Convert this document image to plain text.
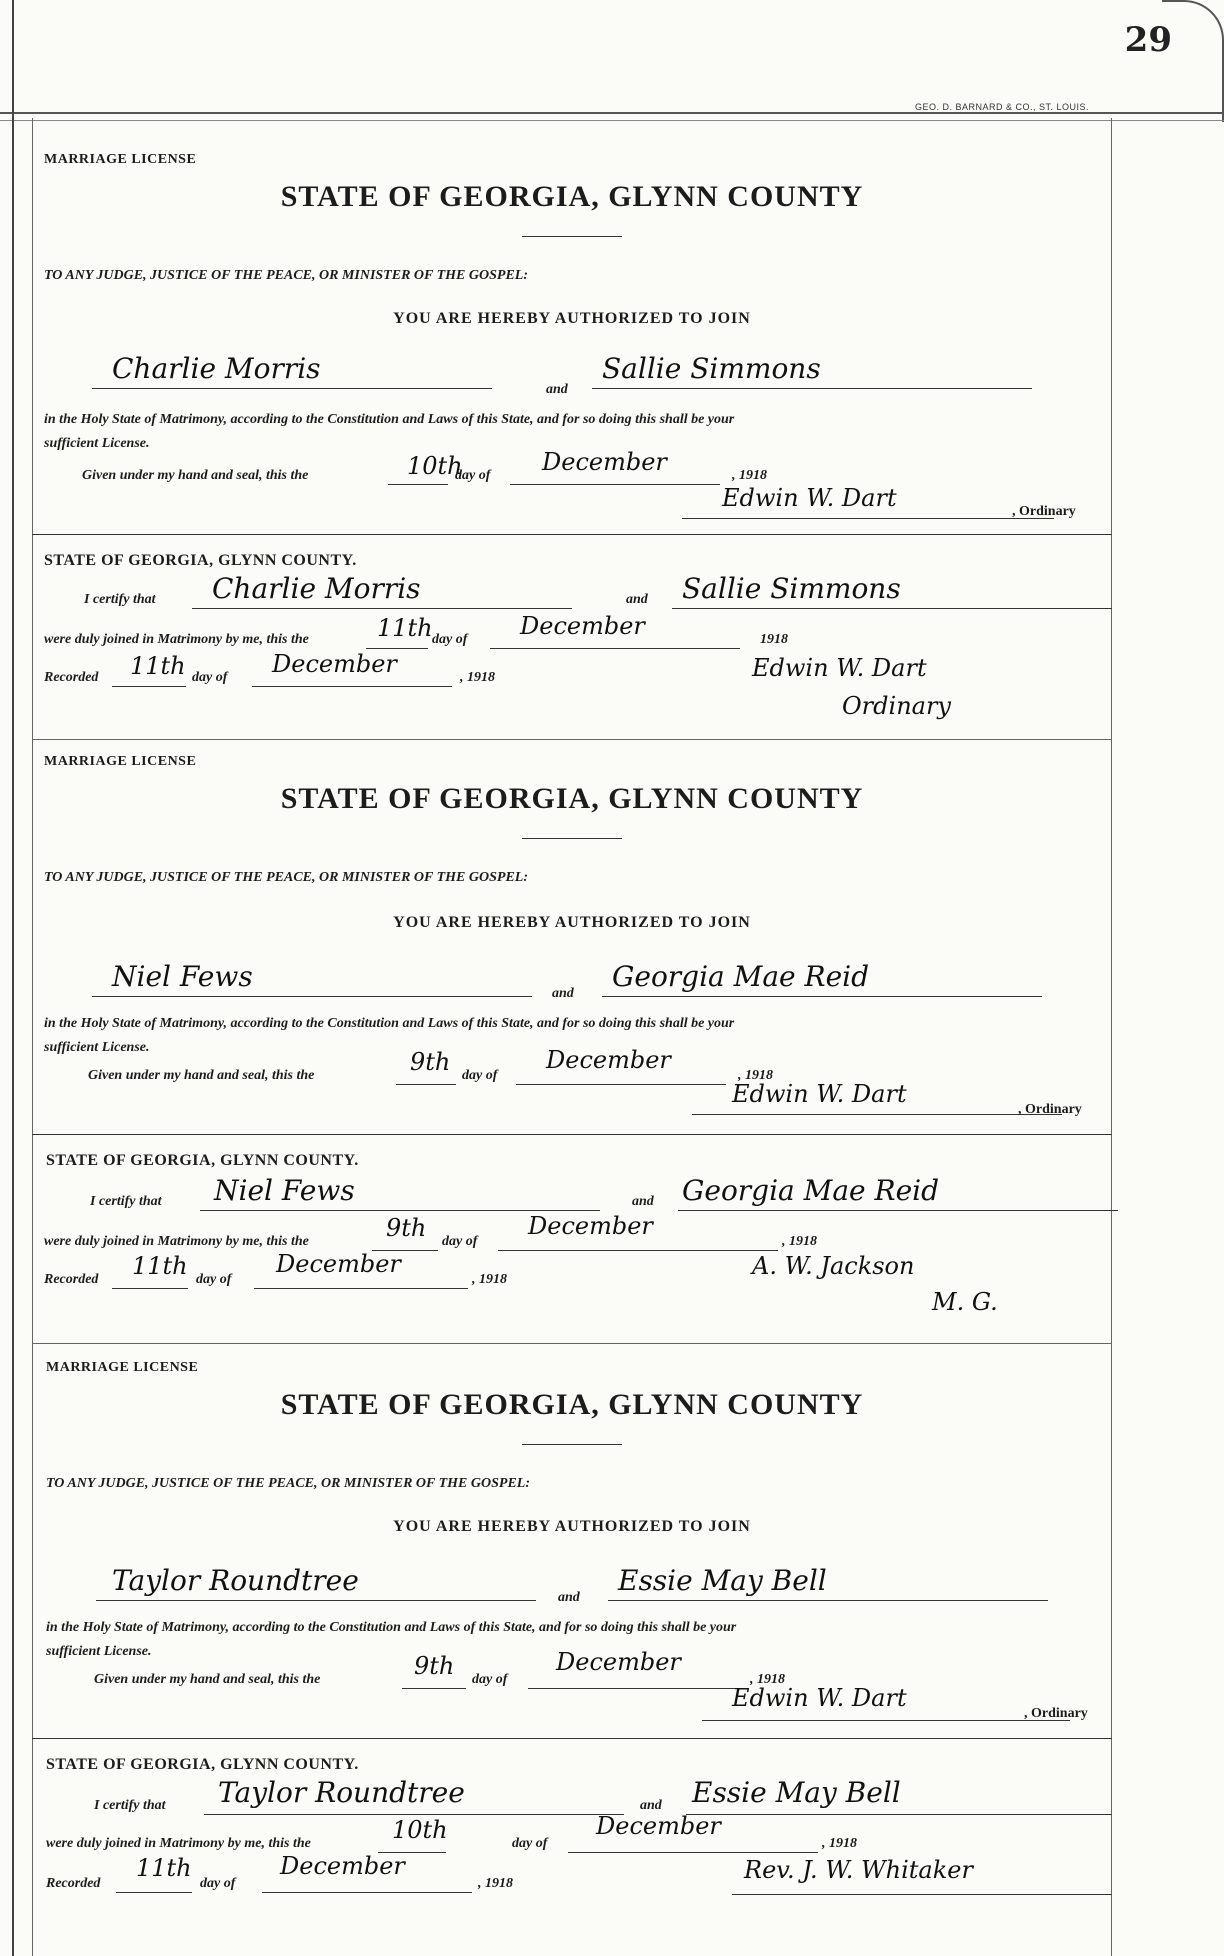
29
GEO. D. BARNARD & CO., ST. LOUIS.
MARRIAGE LICENSE
STATE OF GEORGIA, GLYNN COUNTY
TO ANY JUDGE, JUSTICE OF THE PEACE, OR MINISTER OF THE GOSPEL:
YOU ARE HEREBY AUTHORIZED TO JOIN
Charlie Morris
and
Sallie Simmons
in the Holy State of Matrimony, according to the Constitution and Laws of this State, and for so doing this shall be your
sufficient License.
Given under my hand and seal, this the	10th
day of December	, 1918
Edwin W. Dart	, Ordinary
STATE OF GEORGIA, GLYNN COUNTY.
I certify that Charlie Morris	and Sallie Simmons
were duly joined in Matrimony by me, this the	11th day of December	1918
Recorded 11th day of December	, 1918	Edwin W. Dart
Ordinary
MARRIAGE LICENSE
STATE OF GEORGIA, GLYNN COUNTY
TO ANY JUDGE, JUSTICE OF THE PEACE, OR MINISTER OF THE GOSPEL:
YOU ARE HEREBY AUTHORIZED TO JOIN
Niel Fews
and
Georgia Mae Reid
in the Holy State of Matrimony, according to the Constitution and Laws of this State, and for so doing this shall be your
sufficient License.
Given under my hand and seal, this the	9th day of
December
, 1918
Edwin W. Dart
, Ordinary
STATE OF GEORGIA, GLYNN COUNTY.
I certify that Niel Fews	and Georgia Mae Reid
were duly joined in Matrimony by me, this the	9th day of
December
, 1918
Recorded 11th day of
December
, 1918	A. W. Jackson
M. G.
MARRIAGE LICENSE
STATE OF GEORGIA, GLYNN COUNTY
TO ANY JUDGE, JUSTICE OF THE PEACE, OR MINISTER OF THE GOSPEL:
YOU ARE HEREBY AUTHORIZED TO JOIN
Taylor Roundtree
and
Essie May Bell
in the Holy State of Matrimony, according to the Constitution and Laws of this State, and for so doing this shall be your
sufficient License.
Given under my hand and seal, this the	9th day of
December
, 1918
Edwin W. Dart
, Ordinary
STATE OF GEORGIA, GLYNN COUNTY.
I certify that Taylor Roundtree	and Essie May Bell
were duly joined in Matrimony by me, this the	10th	day of
December
, 1918
Recorded
11th
day of
December
, 1918	Rev. J. W. Whitaker
